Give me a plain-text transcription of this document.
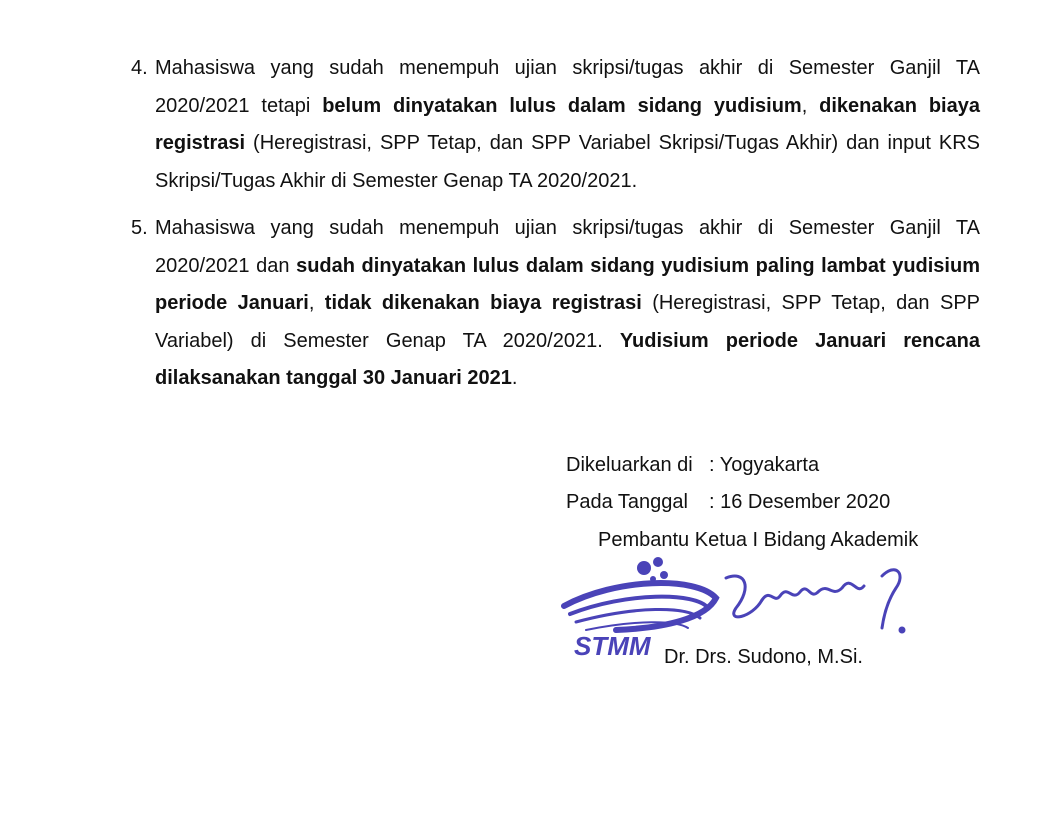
4. Mahasiswa yang sudah menempuh ujian skripsi/tugas akhir di Semester Ganjil TA 2020/2021 tetapi belum dinyatakan lulus dalam sidang yudisium, dikenakan biaya registrasi (Heregistrasi, SPP Tetap, dan SPP Variabel Skripsi/Tugas Akhir) dan input KRS Skripsi/Tugas Akhir di Semester Genap TA 2020/2021.
5. Mahasiswa yang sudah menempuh ujian skripsi/tugas akhir di Semester Ganjil TA 2020/2021 dan sudah dinyatakan lulus dalam sidang yudisium paling lambat yudisium periode Januari, tidak dikenakan biaya registrasi (Heregistrasi, SPP Tetap, dan SPP Variabel) di Semester Genap TA 2020/2021. Yudisium periode Januari rencana dilaksanakan tanggal 30 Januari 2021.
Dikeluarkan di : Yogyakarta
Pada Tanggal : 16 Desember 2020
Pembantu Ketua I Bidang Akademik
STMM Dr. Drs. Sudono, M.Si.
